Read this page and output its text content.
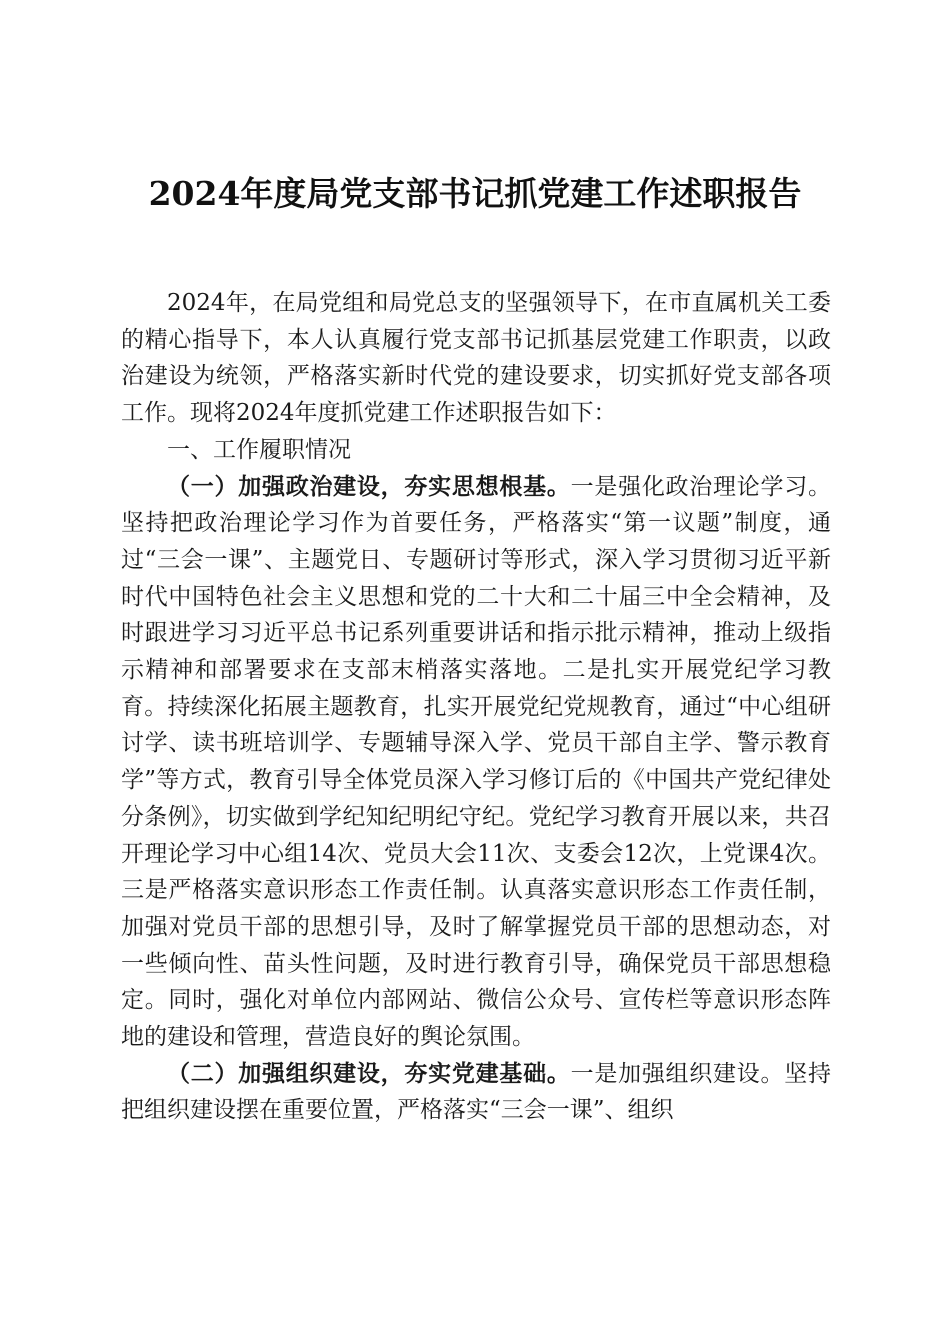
2024年度局党支部书记抓党建工作述职报告

2024年，在局党组和局党总支的坚强领导下，在市直属机关工委的精心指导下，本人认真履行党支部书记抓基层党建工作职责，以政治建设为统领，严格落实新时代党的建设要求，切实抓好党支部各项工作。现将2024年度抓党建工作述职报告如下：

一、工作履职情况

（一）加强政治建设，夯实思想根基。一是强化政治理论学习。坚持把政治理论学习作为首要任务，严格落实“第一议题”制度，通过“三会一课”、主题党日、专题研讨等形式，深入学习贯彻习近平新时代中国特色社会主义思想和党的二十大和二十届三中全会精神，及时跟进学习习近平总书记系列重要讲话和指示批示精神，推动上级指示精神和部署要求在支部末梢落实落地。二是扎实开展党纪学习教育。持续深化拓展主题教育，扎实开展党纪党规教育，通过“中心组研讨学、读书班培训学、专题辅导深入学、党员干部自主学、警示教育学”等方式，教育引导全体党员深入学习修订后的《中国共产党纪律处分条例》，切实做到学纪知纪明纪守纪。党纪学习教育开展以来，共召开理论学习中心组14次、党员大会11次、支委会12次，上党课4次。三是严格落实意识形态工作责任制。认真落实意识形态工作责任制，加强对党员干部的思想引导，及时了解掌握党员干部的思想动态，对一些倾向性、苗头性问题，及时进行教育引导，确保党员干部思想稳定。同时，强化对单位内部网站、微信公众号、宣传栏等意识形态阵地的建设和管理，营造良好的舆论氛围。

（二）加强组织建设，夯实党建基础。一是加强组织建设。坚持把组织建设摆在重要位置，严格落实“三会一课”、组织
